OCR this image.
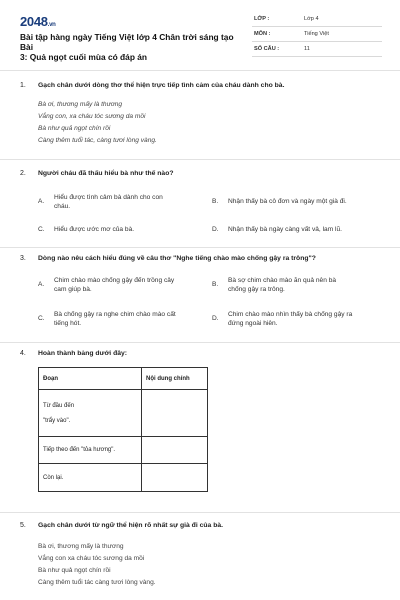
2048.vn
Bài tập hàng ngày Tiếng Việt lớp 4 Chân trời sáng tạo Bài
3: Quả ngọt cuối mùa có đáp án
LỚP :	Lớp 4
MÔN :	Tiếng Việt
SỐ CÂU :	11
1. Gạch chân dưới dòng thơ thể hiện trực tiếp tình cảm của cháu dành cho bà.
Bà ơi, thương mấy là thương
Vắng con, xa cháu tóc sương da mồi
Bà như quả ngọt chín rồi
Càng thêm tuổi tác, càng tươi lòng vàng.
2. Người cháu đã thấu hiểu bà như thế nào?
A.
Hiểu được tình cảm bà dành cho con
cháu.
B. Nhận thấy bà cô đơn và ngày một già đi.
C. Hiểu được ước mơ của bà.	D. Nhận thấy bà ngày càng vất vả, lam lũ.
3. Dòng nào nêu cách hiểu đúng về câu thơ "Nghe tiếng chào mào chống gậy ra trông"?
A.
Chim chào mào chống gậy đến trồng cây
cam giúp bà.
B.
Bà sợ chim chào mào ăn quả nên bà
chống gậy ra trông.
C.
Bà chống gậy ra nghe chim chào mào cất
tiếng hót.
D.
Chim chào mào nhìn thấy bà chống gậy ra
đứng ngoài hiên.
4. Hoàn thành bảng dưới đây:
Đoạn	Nội dung chính

Từ đầu đến
"trẩy vào".	

Tiếp theo đến "tỏa hương".	
Còn lại.	
5. Gạch chân dưới từ ngữ thể hiện rõ nhất sự già đi của bà.
Bà ơi, thương mấy là thương
Vắng con xa cháu tóc sương da mồi
Bà như quả ngọt chín rồi
Càng thêm tuổi tác càng tươi lòng vàng.
